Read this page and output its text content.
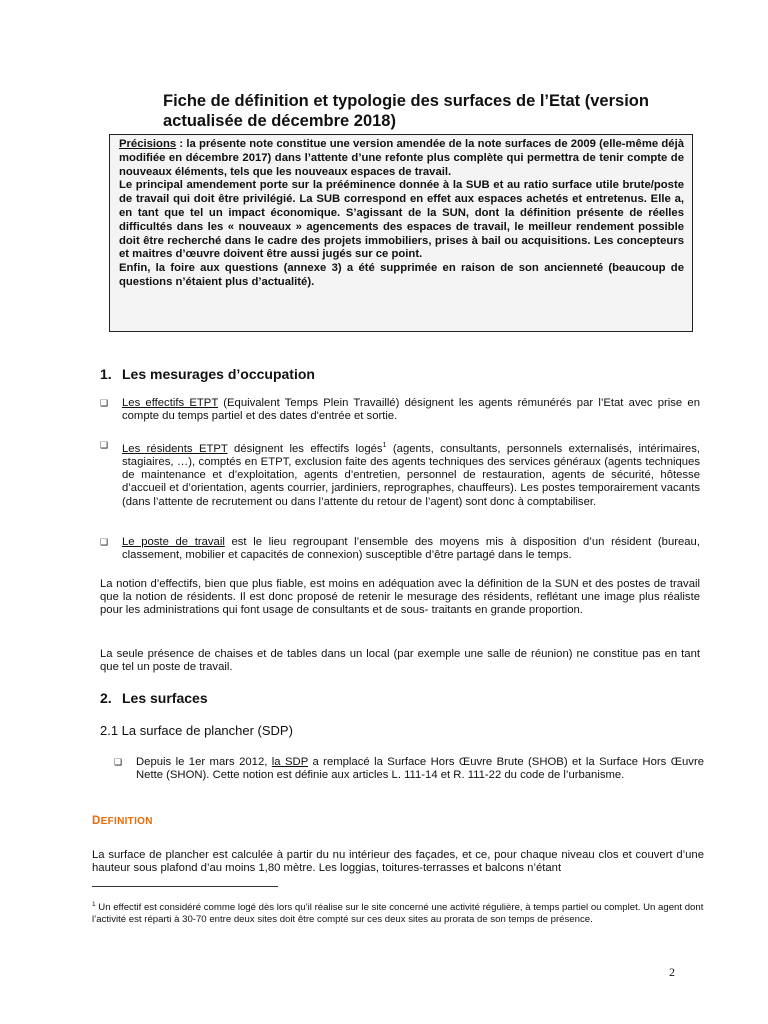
Fiche de définition et typologie des surfaces de l’Etat (version actualisée de décembre 2018)

Précisions : la présente note constitue une version amendée de la note surfaces de 2009 (elle-même déjà modifiée en décembre 2017) dans l’attente d’une refonte plus complète qui permettra de tenir compte de nouveaux éléments, tels que les nouveaux espaces de travail.

Le principal amendement porte sur la prééminence donnée à la SUB et au ratio surface utile brute/poste de travail qui doit être privilégié. La SUB correspond en effet aux espaces achetés et entretenus. Elle a, en tant que tel un impact économique. S’agissant de la SUN, dont la définition présente de réelles difficultés dans les « nouveaux » agencements des espaces de travail, le meilleur rendement possible doit être recherché dans le cadre des projets immobiliers, prises à bail ou acquisitions. Les concepteurs et maitres d’œuvre doivent être aussi jugés sur ce point.

Enfin, la foire aux questions (annexe 3) a été supprimée en raison de son ancienneté (beaucoup de questions n’étaient plus d’actualité).

1. Les mesurages d’occupation
❑ Les effectifs ETPT (Equivalent Temps Plein Travaillé) désignent les agents rémunérés par l’Etat avec prise en compte du temps partiel et des dates d'entrée et sortie.
❑ Les résidents ETPT désignent les effectifs logés$^1$ (agents, consultants, personnels externalisés, intérimaires, stagiaires, …), comptés en ETPT, exclusion faite des agents techniques des services généraux (agents techniques de maintenance et d’exploitation, agents d’entretien, personnel de restauration, agents de sécurité, hôtesse d’accueil et d’orientation, agents courrier, jardiniers, reprographes, chauffeurs). Les postes temporairement vacants (dans l’attente de recrutement ou dans l’attente du retour de l’agent) sont donc à comptabiliser.
❑ Le poste de travail est le lieu regroupant l’ensemble des moyens mis à disposition d’un résident (bureau, classement, mobilier et capacités de connexion) susceptible d’être partagé dans le temps.
La notion d’effectifs, bien que plus fiable, est moins en adéquation avec la définition de la SUN et des postes de travail que la notion de résidents. Il est donc proposé de retenir le mesurage des résidents, reflétant une image plus réaliste pour les administrations qui font usage de consultants et de sous- traitants en grande proportion.
La seule présence de chaises et de tables dans un local (par exemple une salle de réunion) ne constitue pas en tant que tel un poste de travail.
2. Les surfaces
2.1 La surface de plancher (SDP)
❑ Depuis le 1er mars 2012, la SDP a remplacé la Surface Hors Œuvre Brute (SHOB) et la Surface Hors Œuvre Nette (SHON). Cette notion est définie aux articles L. 111-14 et R. 111-22 du code de l’urbanisme.
DEFINITION
La surface de plancher est calculée à partir du nu intérieur des façades, et ce, pour chaque niveau clos et couvert d’une hauteur sous plafond d’au moins 1,80 mètre. Les loggias, toitures-terrasses et balcons n’étant
$^1$ Un effectif est considéré comme logé dès lors qu’il réalise sur le site concerné une activité régulière, à temps partiel ou complet. Un agent dont l’activité est réparti à 30-70 entre deux sites doit être compté sur ces deux sites au prorata de son temps de présence.
2
